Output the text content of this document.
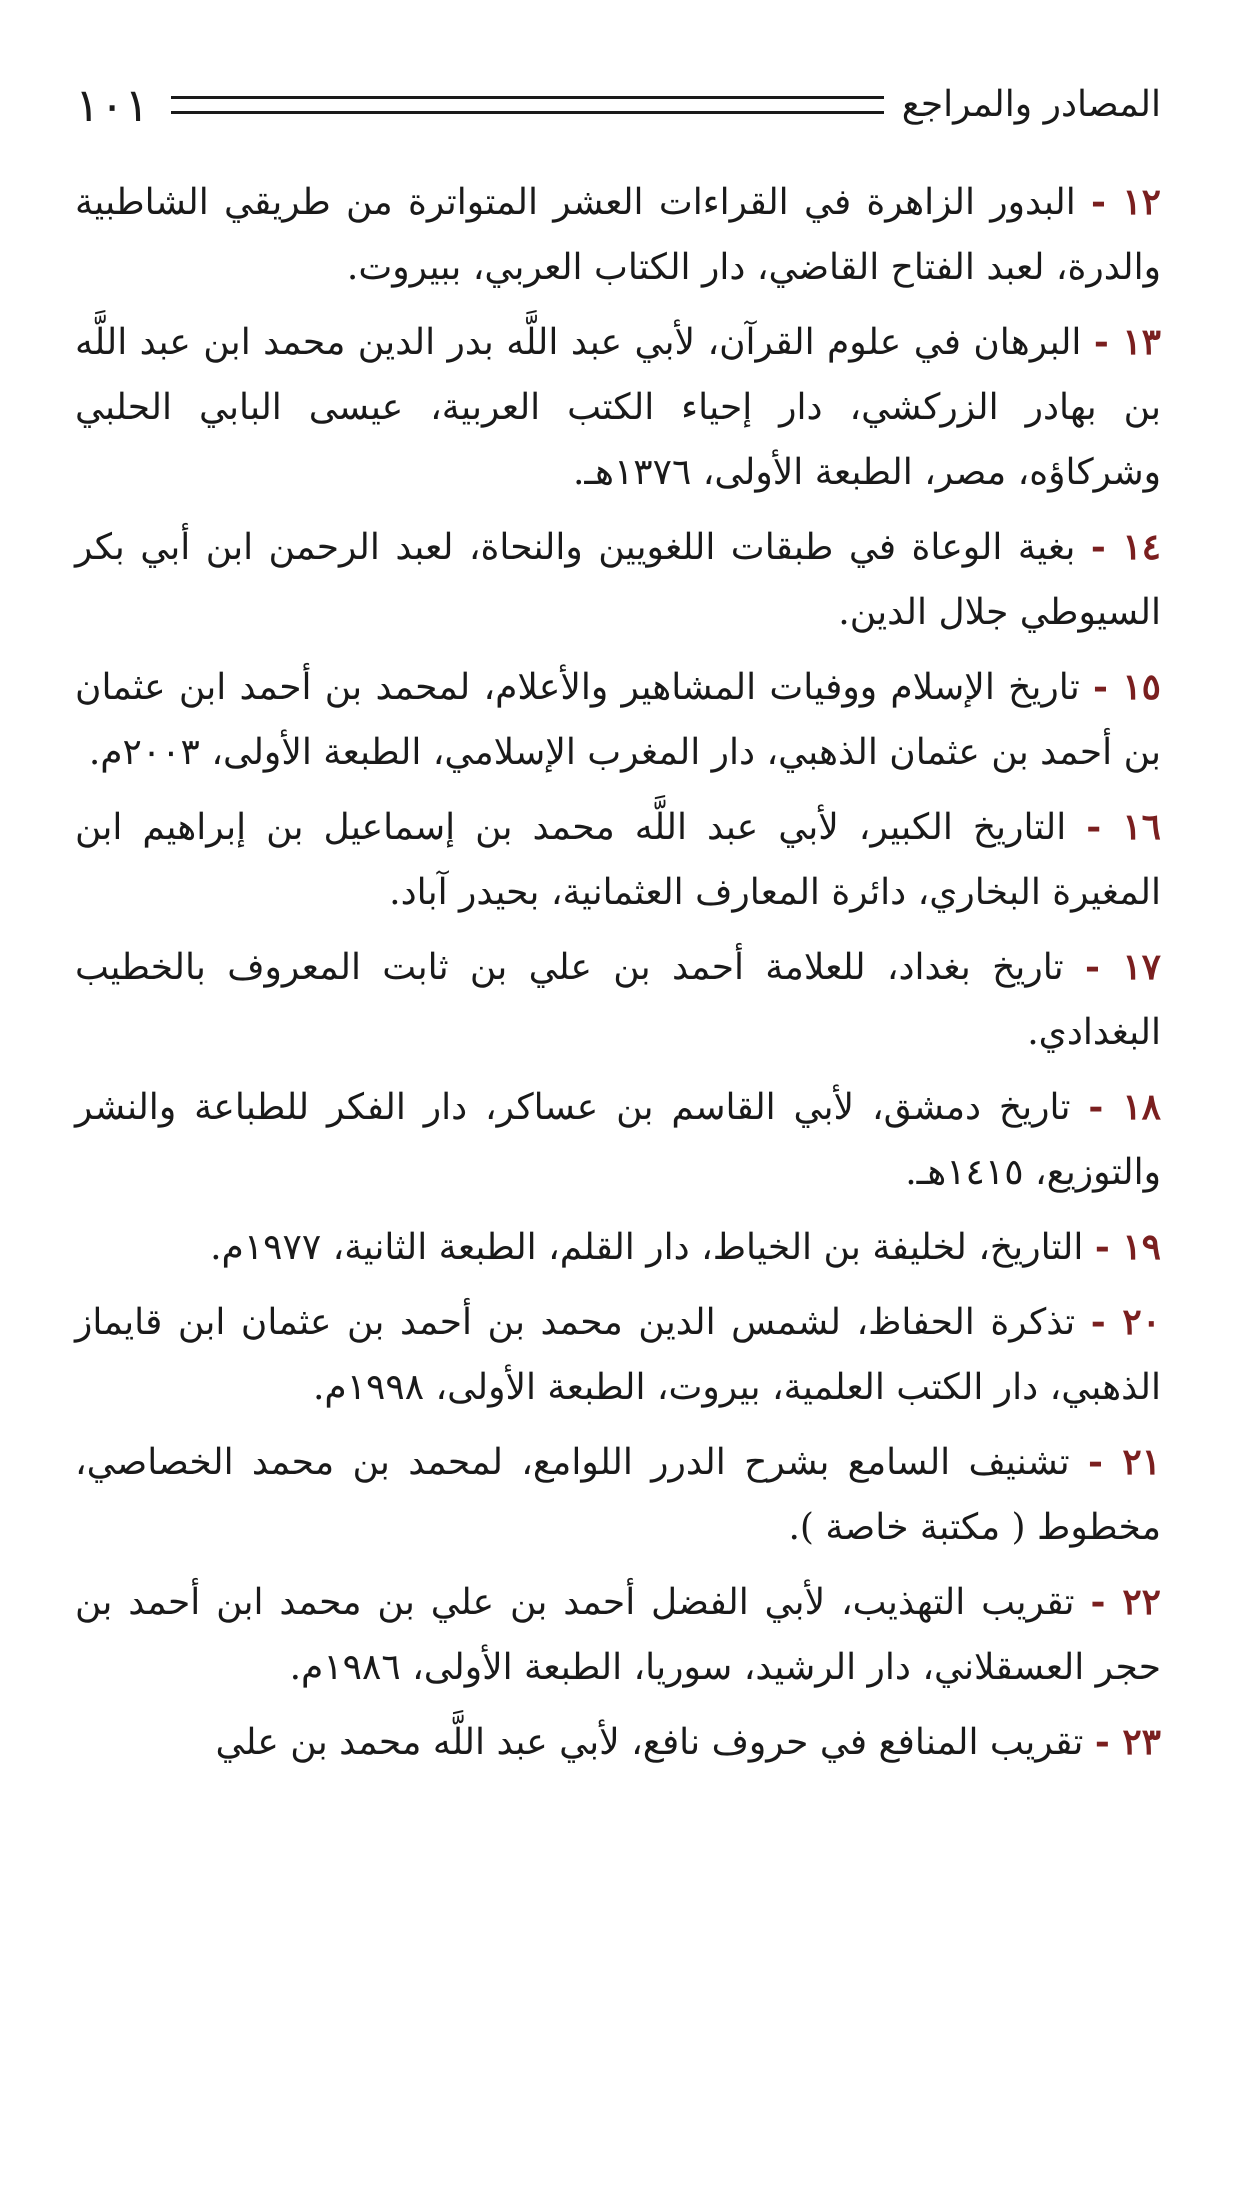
المصادر والمراجع
١٠١

١٢ - البدور الزاهرة في القراءات العشر المتواترة من طريقي الشاطبية والدرة، لعبد الفتاح القاضي، دار الكتاب العربي، ببيروت.

١٣ - البرهان في علوم القرآن، لأبي عبد اللَّه بدر الدين محمد ابن عبد اللَّه بن بهادر الزركشي، دار إحياء الكتب العربية، عيسى البابي الحلبي وشركاؤه، مصر، الطبعة الأولى، ١٣٧٦هـ.

١٤ - بغية الوعاة في طبقات اللغويين والنحاة، لعبد الرحمن ابن أبي بكر السيوطي جلال الدين.

١٥ - تاريخ الإسلام ووفيات المشاهير والأعلام، لمحمد بن أحمد ابن عثمان بن أحمد بن عثمان الذهبي، دار المغرب الإسلامي، الطبعة الأولى، ٢٠٠٣م.

١٦ - التاريخ الكبير، لأبي عبد اللَّه محمد بن إسماعيل بن إبراهيم ابن المغيرة البخاري، دائرة المعارف العثمانية، بحيدر آباد.

١٧ - تاريخ بغداد، للعلامة أحمد بن علي بن ثابت المعروف بالخطيب البغدادي.

١٨ - تاريخ دمشق، لأبي القاسم بن عساكر، دار الفكر للطباعة والنشر والتوزيع، ١٤١٥هـ.

١٩ - التاريخ، لخليفة بن الخياط، دار القلم، الطبعة الثانية، ١٩٧٧م.

٢٠ - تذكرة الحفاظ، لشمس الدين محمد بن أحمد بن عثمان ابن قايماز الذهبي، دار الكتب العلمية، بيروت، الطبعة الأولى، ١٩٩٨م.

٢١ - تشنيف السامع بشرح الدرر اللوامع، لمحمد بن محمد الخصاصي، مخطوط ( مكتبة خاصة ).

٢٢ - تقريب التهذيب، لأبي الفضل أحمد بن علي بن محمد ابن أحمد بن حجر العسقلاني، دار الرشيد، سوريا، الطبعة الأولى، ١٩٨٦م.

٢٣ - تقريب المنافع في حروف نافع، لأبي عبد اللَّه محمد بن علي
